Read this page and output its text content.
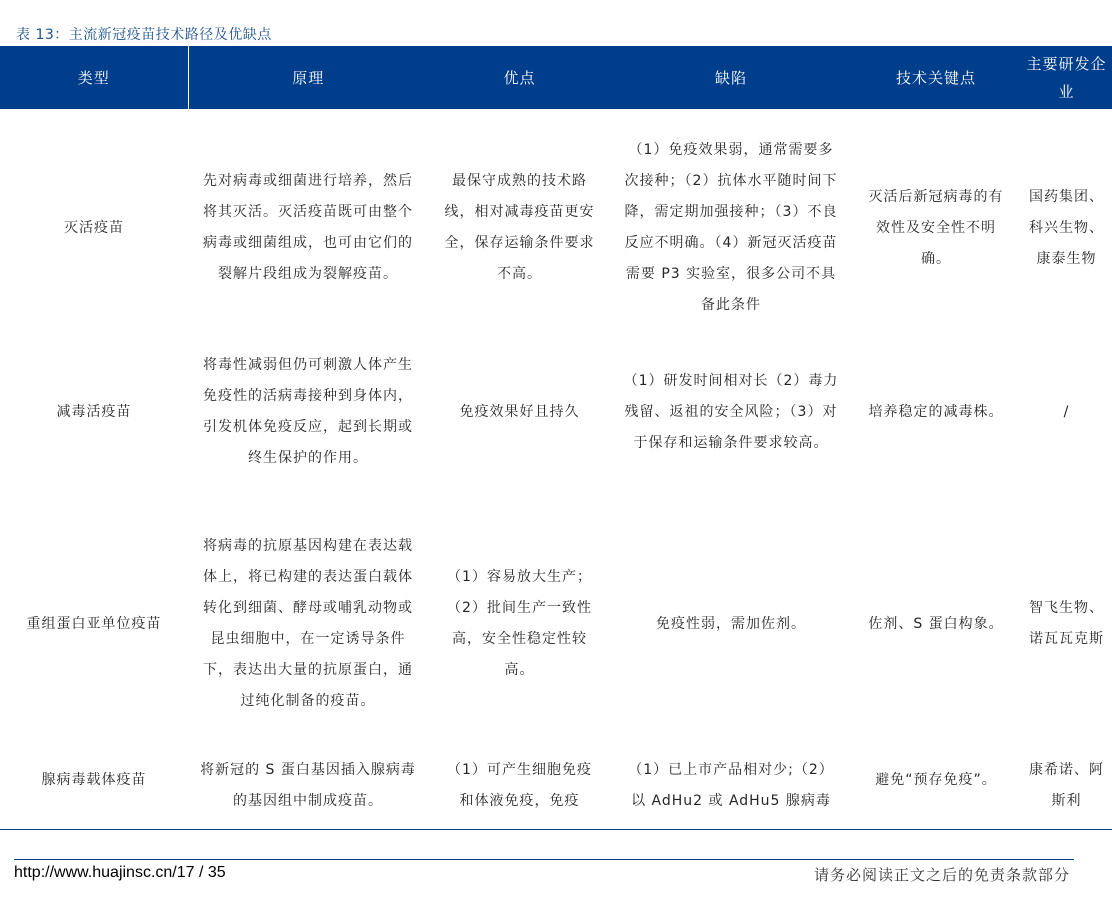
表 13：主流新冠疫苗技术路径及优缺点
类型	原理	优点	缺陷	技术关键点	主要研发企业
灭活疫苗	先对病毒或细菌进行培养，然后将其灭活。灭活疫苗既可由整个病毒或细菌组成，也可由它们的裂解片段组成为裂解疫苗。	最保守成熟的技术路线，相对减毒疫苗更安全，保存运输条件要求不高。	（1）免疫效果弱，通常需要多次接种；（2）抗体水平随时间下降，需定期加强接种；（3）不良反应不明确。（4）新冠灭活疫苗需要 P3 实验室，很多公司不具备此条件	灭活后新冠病毒的有效性及安全性不明确。	国药集团、科兴生物、康泰生物
减毒活疫苗	将毒性减弱但仍可刺激人体产生免疫性的活病毒接种到身体内，引发机体免疫反应，起到长期或终生保护的作用。	免疫效果好且持久	（1）研发时间相对长（2）毒力残留、返祖的安全风险；（3）对于保存和运输条件要求较高。	培养稳定的减毒株。	/
重组蛋白亚单位疫苗	将病毒的抗原基因构建在表达载体上，将已构建的表达蛋白载体转化到细菌、酵母或哺乳动物或昆虫细胞中，在一定诱导条件下，表达出大量的抗原蛋白，通过纯化制备的疫苗。	（1）容易放大生产；（2）批间生产一致性高，安全性稳定性较高。	免疫性弱，需加佐剂。	佐剂、S 蛋白构象。	智飞生物、诺瓦瓦克斯
腺病毒载体疫苗	将新冠的 S 蛋白基因插入腺病毒的基因组中制成疫苗。	（1）可产生细胞免疫和体液免疫，免疫	（1）已上市产品相对少;（2）以 AdHu2 或 AdHu5 腺病毒	避免“预存免疫”。	康希诺、阿斯利
http://www.huajinsc.cn/17 / 35	请务必阅读正文之后的免责条款部分
